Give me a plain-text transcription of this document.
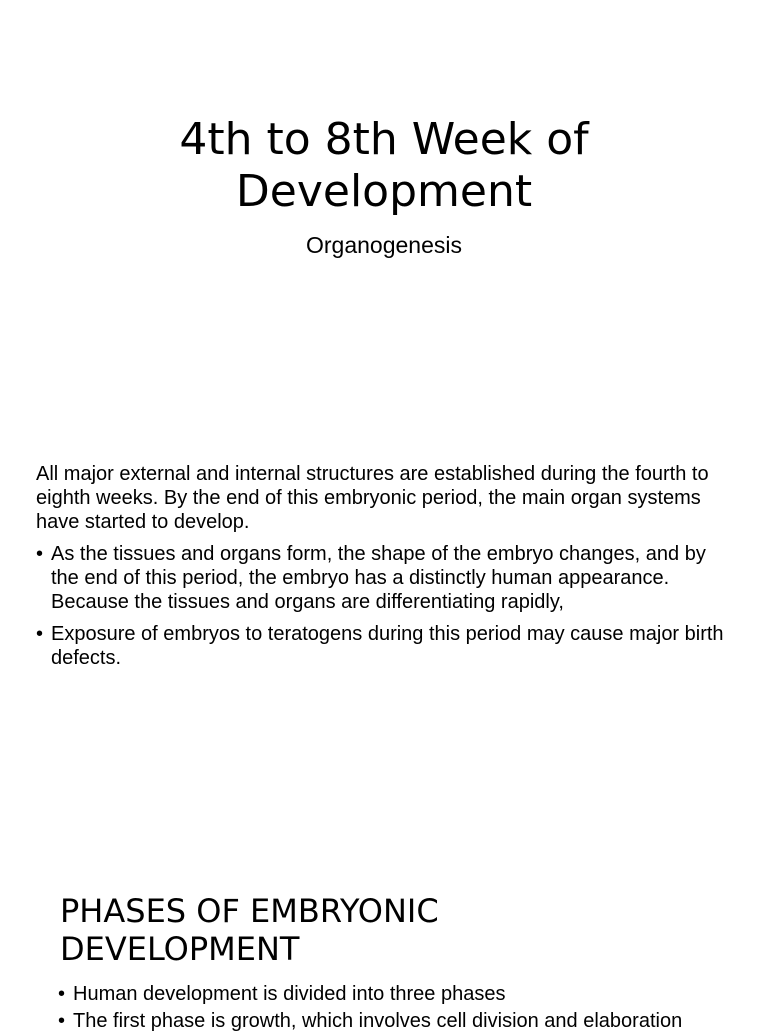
4th to 8th Week of
Development

Organogenesis

All major external and internal structures are established during the fourth to eighth weeks. By the end of this embryonic period, the main organ systems have started to develop.

• As the tissues and organs form, the shape of the embryo changes, and by the end of this period, the embryo has a distinctly human appearance. Because the tissues and organs are differentiating rapidly,
• Exposure of embryos to teratogens during this period may cause major birth defects.
PHASES OF EMBRYONIC
DEVELOPMENT
• Human development is divided into three phases
• The first phase is growth, which involves cell division and elaboration
